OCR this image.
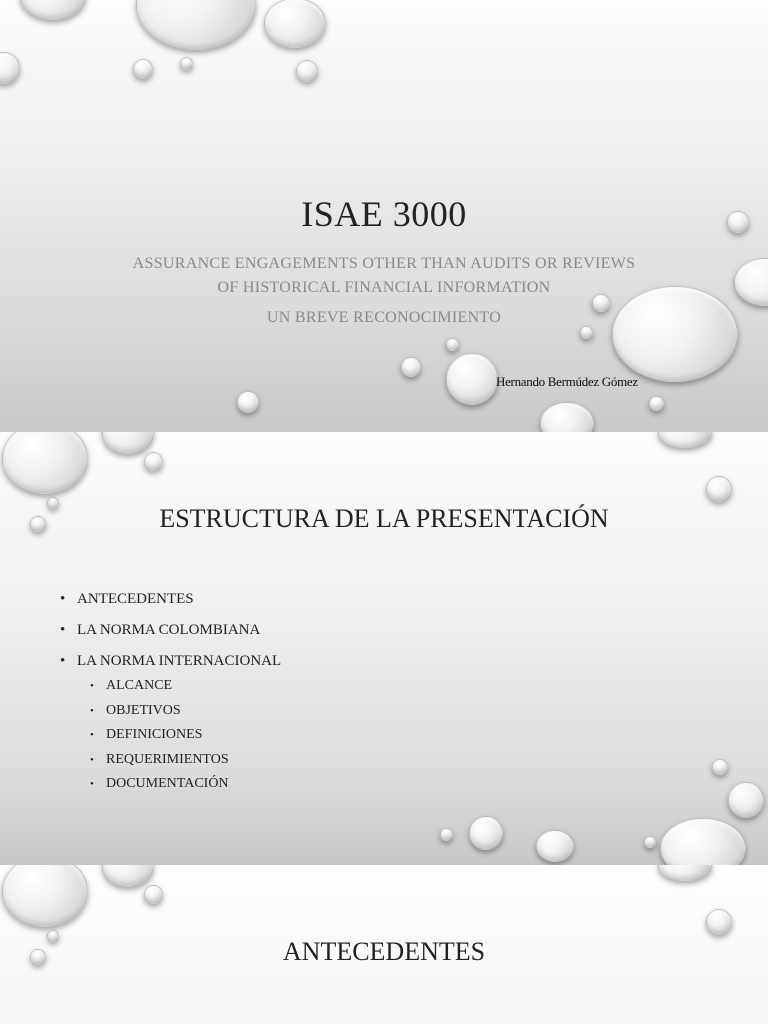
ISAE 3000
ASSURANCE ENGAGEMENTS OTHER THAN AUDITS OR REVIEWS
OF HISTORICAL FINANCIAL INFORMATION
UN BREVE RECONOCIMIENTO
Hernando Bermúdez Gómez
ESTRUCTURA DE LA PRESENTACIÓN
• ANTECEDENTES
• LA NORMA COLOMBIANA
• LA NORMA INTERNACIONAL
• ALCANCE
• OBJETIVOS
• DEFINICIONES
• REQUERIMIENTOS
• DOCUMENTACIÓN
ANTECEDENTES
